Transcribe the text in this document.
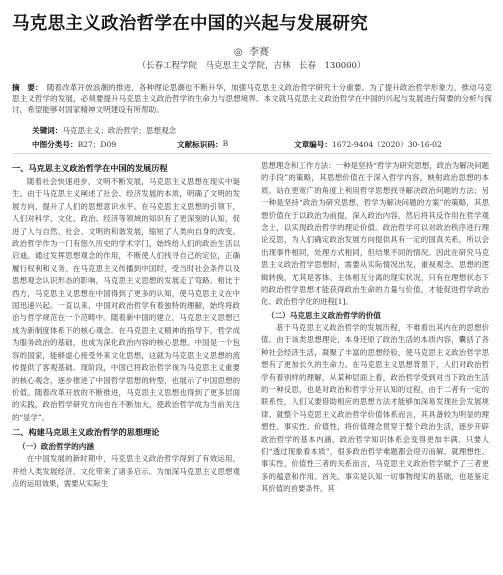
马克思主义政治哲学在中国的兴起与发展研究
◎ 李赛
（长春工程学院　马克思主义学院，吉林　长春　130000）

摘　要： 随着改革开放浪潮的推进，各种理论思潮也不断升华，加强马克思主义政治哲学研究十分重要。为了提升政治哲学形象力，推动马克思主义哲学的发展，必须要提升马克思主义政治哲学的生命力与思想境界。本文就马克思主义政治哲学在中国的兴起与发展进行简要的分析与探讨，希望能够对国家精神文明建设有所帮助。

关键词：马克思主义；政治哲学；思想观念
中图分类号： B27；D09	文献标识码： B	文章编号： 1672-9404（2020）30-16-02
一、马克思主义政治哲学在中国的发展历程

随着社会快速进步，文明不断发展，马克思主义思想在现实中诞生。由于马克思主义阐述了社会、经济发展的本质，明确了文明的发展方向，提升了人们的思想意识水平。在马克思主义思想的引领下，人们对科学、文化、政治、经济等领域的知识有了更深刻的认知，促进了人与自然、社会、文明的和谐发展，缩短了人类向自身的改变。政治哲学作为一门有悠久历史的学术学门，始终给人们的政治生活以启迪。通过发挥思想观念的作用，不断使人们找寻自己的定位，正确履行权利和义务。在马克思主义传播到中国时，受当时社会条件以及思想观念认识形态的影响，马克思主义思想的发展走了弯路。相比于西方，马克思主义思想在中国得到了更多的认知，使马克思主义在中国迅速兴起。一直以来，中国对政治哲学有着独特的理解，始终将政治与哲学规范在一个范畴中。随着新中国的建立，马克思主义思想已成为新制度体系下的核心观念。在马克思主义精神的指导下，哲学成为服务政治的基础，也成为深化政治内容的核心思想。中国是一个包容的国家，能够虚心接受外来文化思想，这就为马克思主义思想的流传提供了客观基础。现阶段，中国已将政治哲学视为马克思主义重要的核心观念，逐步推进了中国哲学思想的转型，也展示了中国思想的价值。随着改革开放的不断推进，马克思主义思想也得到了更多层面的实践，政治哲学研究方向也在不断加大，使政治哲学成为当前关注的“显学”。

二、构建马克思主义政治哲学的思想理论
（一）政治哲学的内涵

在中国发展的新时期中，马克思主义政治哲学得到了有效运用，并给人类发展经济、文化带来了诸多启示。为加深马克思主义思想观点的运用效果，需要从实际生

思想理念和工作方法：一种是坚持“哲学为研究思想，政治为解决问题的手段”的策略，其思想价值在于深入哲学内容，映射政治思想的本质。站在更宽广的角度上利用哲学思想找寻解决政治问题的方法；另一种是坚持“政治为研究思想，哲学为解决问题的方案”的策略，其思想价值在于以政治为前提，深入政治内容，然后将其反作用在哲学观念上，以实现政治哲学的理论价值。政治哲学可以对政治秩序进行理论反思，为人们确定政治发展方向提供具有一定的国真关系，所以会出现事件相同，处理方式相同，但结果不同的情况。因此在研究马克思主义政治哲学思想时，需要从实际情况出发，重视观念、思想的逻辑转换，尤其是客体、主体相互分离的现实状况，只有在理想状态下的政治哲学思想才能获得政治生命的力量与价值，才能促进哲学政治化、政治哲学化的进程[1]。

（二）马克思主义政治哲学的价值

基于马克思主义政治哲学的发展历程，不难看出其内在的思想价值。由于该类思想理论，本身还原了政治生活的本质内容，囊括了各种社会经济生活，凝聚了丰富的思想经验，使马克思主义政治哲学思想有了更加长久的生命力。在马克思主义思想背景下，人们对政治哲学有着别样的理解，从某种层面上看，政治哲学受到对当下政治生活的一种反思，也是对政治和哲学分开认知的过程，由于二者有一定的联系性，人们又要借助相应的思想方法才能够加深易发现社会发展规律。就整个马克思主义政治哲学价值体系而言，其具备较为明显的理想性、事实性、价值性，将价值理念贯穿于整个政治生活，逐步开辟政治哲学的基本内涵，政治哲学知识体系会变得更加丰满。只要人们“透过现象看本质”，很多政治哲学难题都会迎刃而解。就理想性、事实性、价值性三者的关系而言，马克思主义政治哲学赋予了三者更多的蕴意和作用。首先，事实是认知一切事物现实的基础，也是鉴定其价值的首要条件。其
